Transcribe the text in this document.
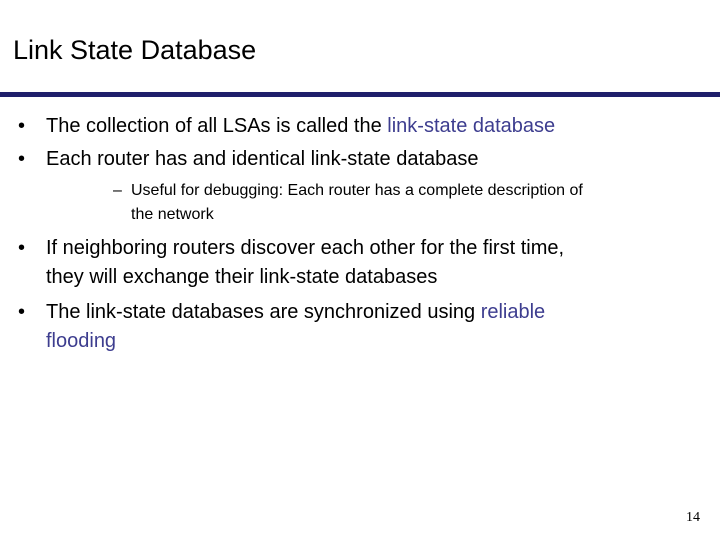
Link State Database
• The collection of all LSAs is called the link-state database
• Each router has and identical link-state database
– Useful for debugging: Each router has a complete description of
the network
• If neighboring routers discover each other for the first time,
they will exchange their link-state databases
• The link-state databases are synchronized using reliable
flooding
14
